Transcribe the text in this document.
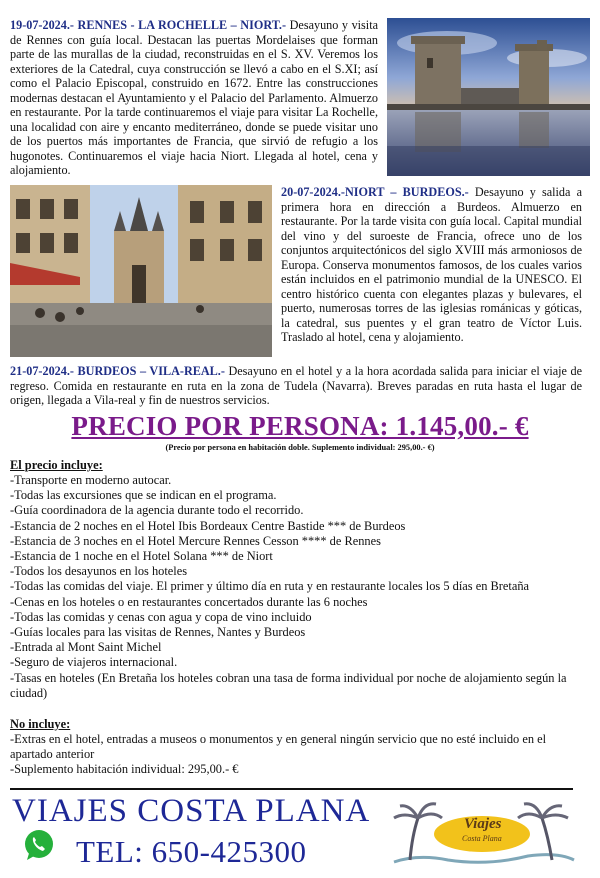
19-07-2024.- RENNES - LA ROCHELLE – NIORT.- Desayuno y visita de Rennes con guía local. Destacan las puertas Mordelaises que forman parte de las murallas de la ciudad, reconstruidas en el S. XV. Veremos los exteriores de la Catedral, cuya construcción se llevó a cabo en el S.XI; así como el Palacio Episcopal, construido en 1672. Entre las construcciones modernas destacan el Ayuntamiento y el Palacio del Parlamento. Almuerzo en restaurante. Por la tarde continuaremos el viaje para visitar La Rochelle, una localidad con aire y encanto mediterráneo, donde se puede visitar uno de los puertos más importantes de Francia, que sirvió de refugio a los hugonotes. Continuaremos el viaje hacia Niort. Llegada al hotel, cena y alojamiento.
20-07-2024.-NIORT – BURDEOS.- Desayuno y salida a primera hora en dirección a Burdeos. Almuerzo en restaurante. Por la tarde visita con guía local. Capital mundial del vino y del suroeste de Francia, ofrece uno de los conjuntos arquitectónicos del siglo XVIII más armoniosos de Europa. Conserva monumentos famosos, de los cuales varios están incluidos en el patrimonio mundial de la UNESCO. El centro histórico cuenta con elegantes plazas y bulevares, el puerto, numerosas torres de las iglesias románicas y góticas, la catedral, sus puentes y el gran teatro de Víctor Luis. Traslado al hotel, cena y alojamiento.
21-07-2024.- BURDEOS – VILA-REAL.- Desayuno en el hotel y a la hora acordada salida para iniciar el viaje de regreso. Comida en restaurante en ruta en la zona de Tudela (Navarra). Breves paradas en ruta hasta el lugar de origen, llegada a Vila-real y fin de nuestros servicios.
PRECIO POR PERSONA: 1.145,00.- €
(Precio por persona en habitación doble. Suplemento individual: 295,00.- €)
El precio incluye:
-Transporte en moderno autocar.
-Todas las excursiones que se indican en el programa.
-Guía coordinadora de la agencia durante todo el recorrido.
-Estancia de 2 noches en el Hotel Ibis Bordeaux Centre Bastide *** de Burdeos
-Estancia de 3 noches en el Hotel Mercure Rennes Cesson **** de Rennes
-Estancia de 1 noche en el Hotel Solana *** de Niort
-Todos los desayunos en los hoteles
-Todas las comidas del viaje. El primer y último día en ruta y en restaurante locales los 5 días en Bretaña
-Cenas en los hoteles o en restaurantes concertados durante las 6 noches
-Todas las comidas y cenas con agua y copa de vino incluido
-Guías locales para las visitas de Rennes, Nantes y Burdeos
-Entrada al Mont Saint Michel
-Seguro de viajeros internacional.
-Tasas en hoteles (En Bretaña los hoteles cobran una tasa de forma individual por noche de alojamiento según la ciudad)
No incluye:
-Extras en el hotel, entradas a museos o monumentos y en general ningún servicio que no esté incluido en el apartado anterior
-Suplemento habitación individual: 295,00.- €
VIAJES COSTA PLANA
TEL: 650-425300
Viajes
Costa Plana
